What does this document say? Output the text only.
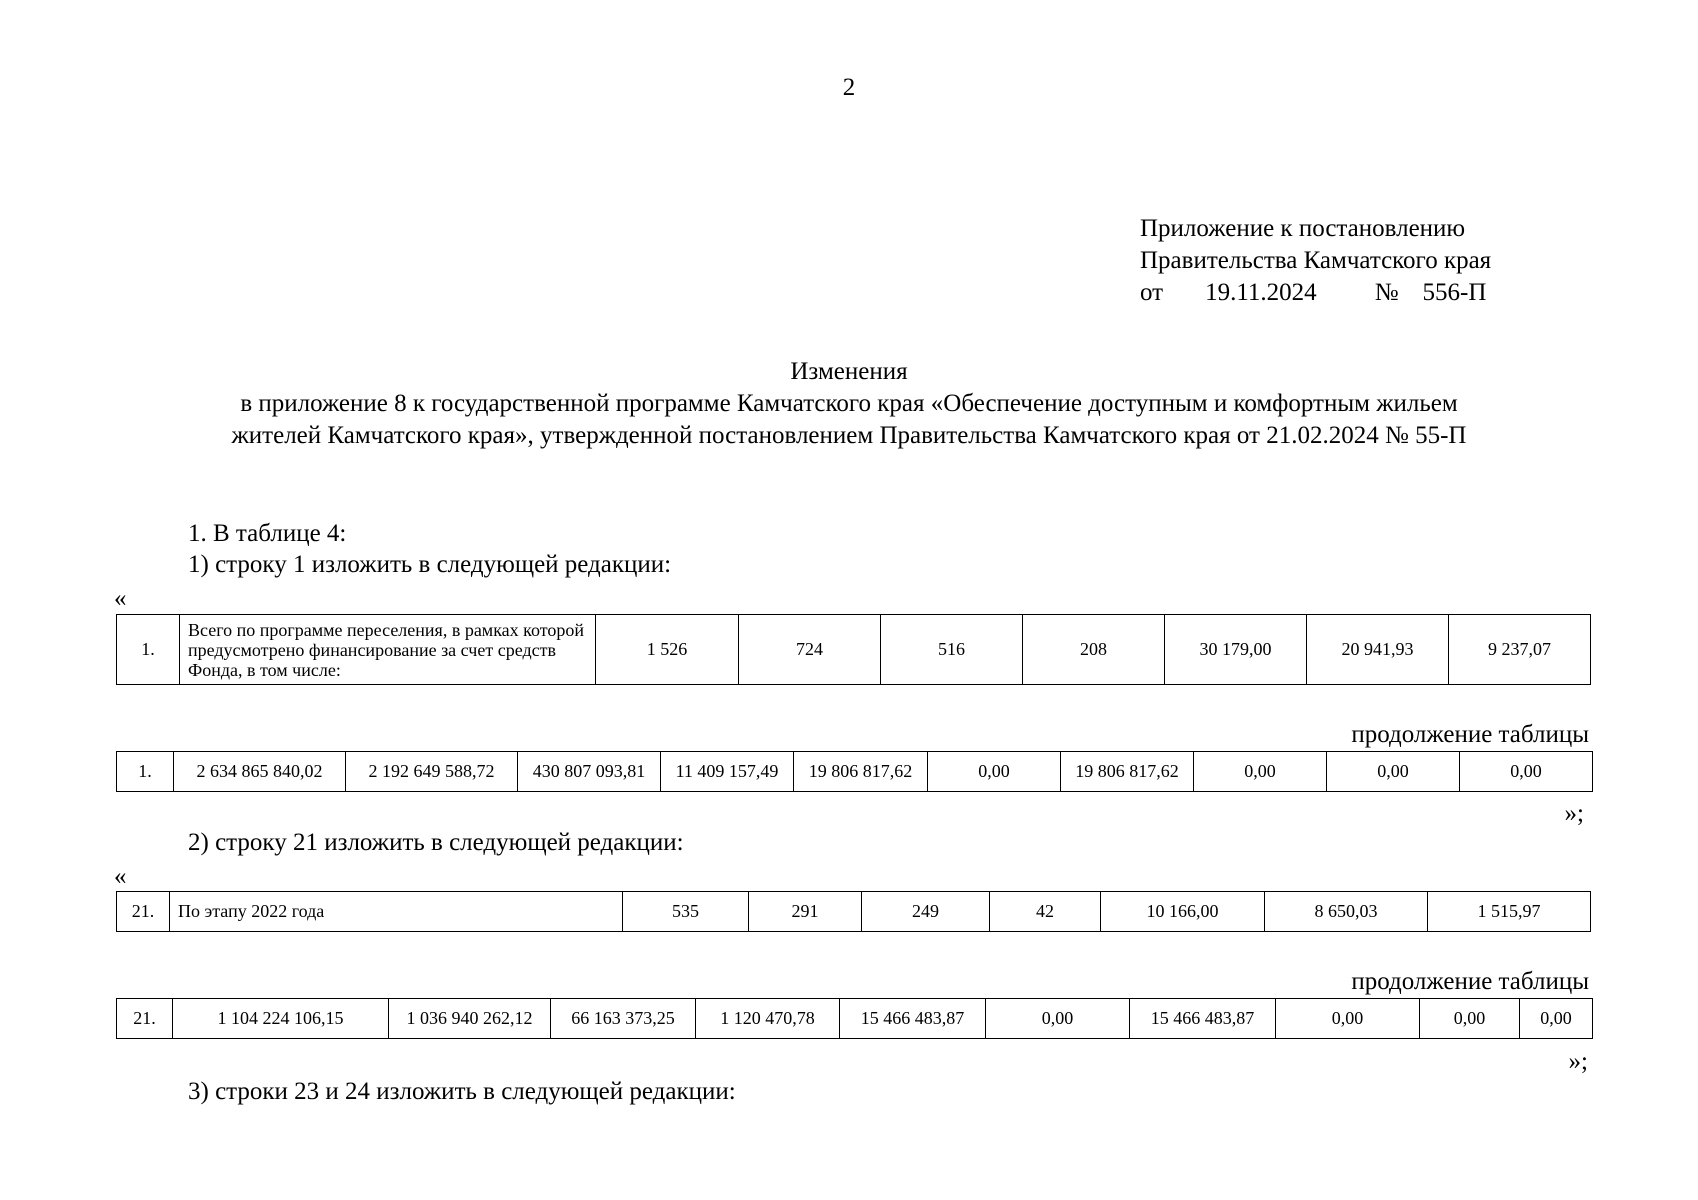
2
Приложение к постановлению
Правительства Камчатского края
от 19.11.2024 № 556-П
Изменения
в приложение 8 к государственной программе Камчатского края «Обеспечение доступным и комфортным жильем
жителей Камчатского края», утвержденной постановлением Правительства Камчатского края от 21.02.2024 № 55-П
1. В таблице 4:
1) строку 1 изложить в следующей редакции:
«
1.	Всего по программе переселения, в рамках которой предусмотрено финансирование за счет средств Фонда, в том числе:	1 526	724	516	208	30 179,00	20 941,93	9 237,07
продолжение таблицы
1.	2 634 865 840,02	2 192 649 588,72	430 807 093,81	11 409 157,49	19 806 817,62	0,00	19 806 817,62	0,00	0,00	0,00
»;
2) строку 21 изложить в следующей редакции:
«
21.	По этапу 2022 года	535	291	249	42	10 166,00	8 650,03	1 515,97
продолжение таблицы
21.	1 104 224 106,15	1 036 940 262,12	66 163 373,25	1 120 470,78	15 466 483,87	0,00	15 466 483,87	0,00	0,00	0,00
»;
3) строки 23 и 24 изложить в следующей редакции:
